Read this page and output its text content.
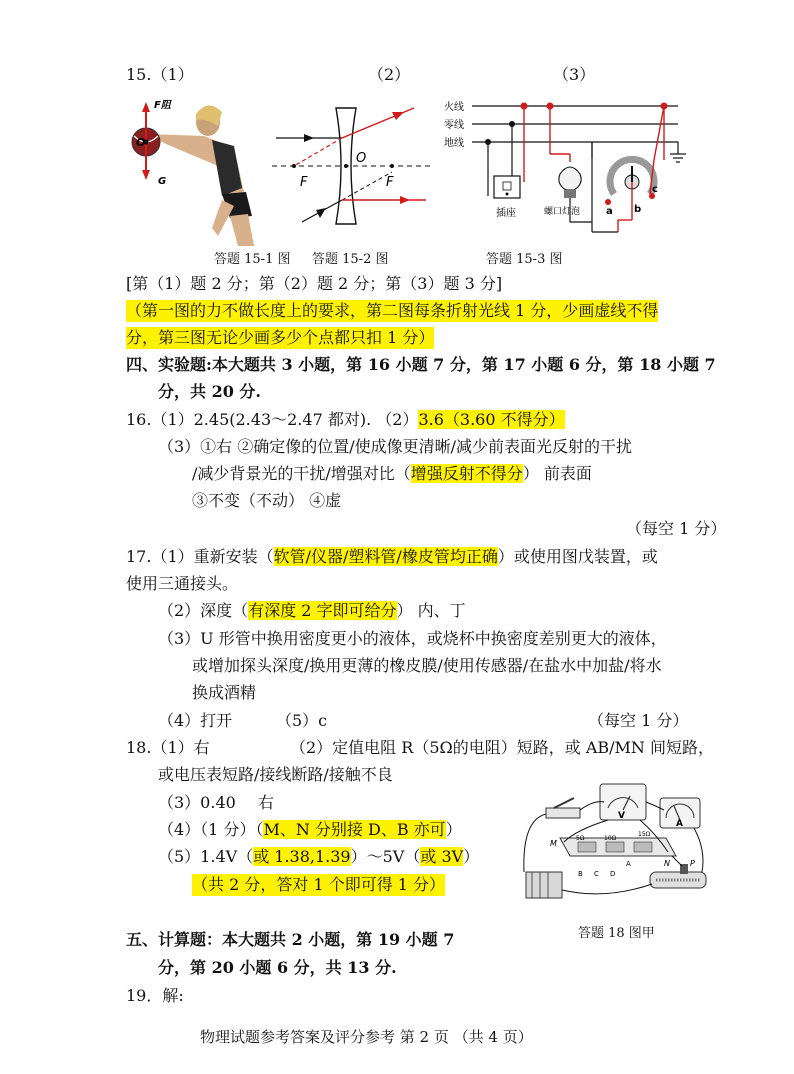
15.（1）	（2）	（3）
F阻
O
G
答题 15-1 图
O
F	F
答题 15-2 图
火线
零线
地线
插座	螺口灯泡	a b
c
答题 15-3 图
[第（1）题 2 分；第（2）题 2 分；第（3）题 3 分]
（第一图的力不做长度上的要求，第二图每条折射光线 1 分，少画虚线不得
分，第三图无论少画多少个点都只扣 1 分）
四、实验题:本大题共 3 小题，第 16 小题 7 分，第 17 小题 6 分，第 18 小题 7
分，共 20 分.
16.（1）2.45(2.43～2.47 都对). （2）3.6（3.60 不得分）
（3）①右 ②确定像的位置/使成像更清晰/减少前表面光反射的干扰
/减少背景光的干扰/增强对比（增强反射不得分） 前表面
③不变（不动） ④虚
（每空 1 分）
17.（1）重新安装（软管/仪器/塑料管/橡皮管均正确）或使用图戊装置，或
使用三通接头。
（2）深度（有深度 2 字即可给分） 内、丁
（3）U 形管中换用密度更小的液体，或烧杯中换密度差别更大的液体，
或增加探头深度/换用更薄的橡皮膜/使用传感器/在盐水中加盐/将水
换成酒精
（4）打开	（5）c	（每空 1 分）
18.（1）右	（2）定值电阻 R（5Ω的电阻）短路，或 AB/MN 间短路，
或电压表短路/接线断路/接触不良
（3）0.40 右
（4）（1 分）（M、N 分别接 D、B 亦可）
（5）1.4V（或 1.38,1.39）～5V（或 3V）
（共 2 分，答对 1 个即可得 1 分）
V
A
5Ω	10Ω
15Ω
M
N
A
B C D
P
答题 18 图甲
五、计算题：本大题共 2 小题，第 19 小题 7
分，第 20 小题 6 分，共 13 分.
19．解:
物理试题参考答案及评分参考 第 2 页 （共 4 页）
